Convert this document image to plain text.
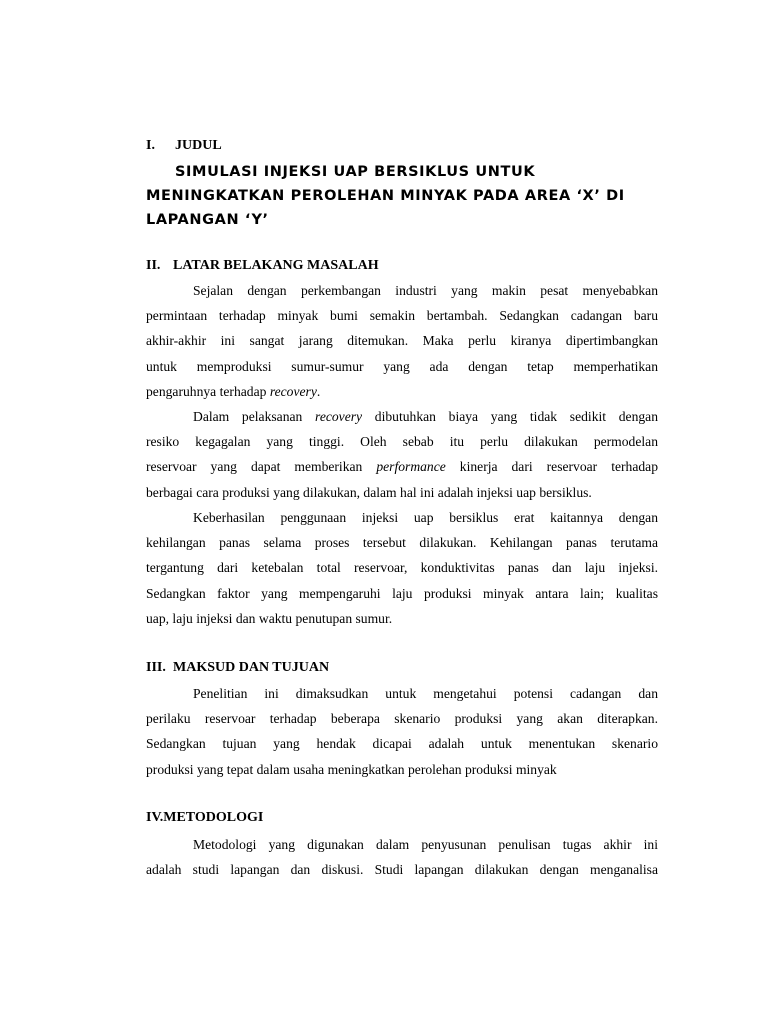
I. JUDUL
SIMULASI INJEKSI UAP BERSIKLUS UNTUK
MENINGKATKAN PEROLEHAN MINYAK PADA AREA ‘X’ DI
LAPANGAN ‘Y’
II. LATAR BELAKANG MASALAH
Sejalan dengan perkembangan industri yang makin pesat menyebabkan
permintaan terhadap minyak bumi semakin bertambah. Sedangkan cadangan baru
akhir-akhir ini sangat jarang ditemukan. Maka perlu kiranya dipertimbangkan
untuk memproduksi sumur-sumur yang ada dengan tetap memperhatikan
pengaruhnya terhadap recovery.
Dalam pelaksanan recovery dibutuhkan biaya yang tidak sedikit dengan
resiko kegagalan yang tinggi. Oleh sebab itu perlu dilakukan permodelan
reservoar yang dapat memberikan performance kinerja dari reservoar terhadap
berbagai cara produksi yang dilakukan, dalam hal ini adalah injeksi uap bersiklus.
Keberhasilan penggunaan injeksi uap bersiklus erat kaitannya dengan
kehilangan panas selama proses tersebut dilakukan. Kehilangan panas terutama
tergantung dari ketebalan total reservoar, konduktivitas panas dan laju injeksi.
Sedangkan faktor yang mempengaruhi laju produksi minyak antara lain; kualitas
uap, laju injeksi dan waktu penutupan sumur.
III. MAKSUD DAN TUJUAN
Penelitian ini dimaksudkan untuk mengetahui potensi cadangan dan
perilaku reservoar terhadap beberapa skenario produksi yang akan diterapkan.
Sedangkan tujuan yang hendak dicapai adalah untuk menentukan skenario
produksi yang tepat dalam usaha meningkatkan perolehan produksi minyak
IV.METODOLOGI
Metodologi yang digunakan dalam penyusunan penulisan tugas akhir ini
adalah studi lapangan dan diskusi. Studi lapangan dilakukan dengan menganalisa
